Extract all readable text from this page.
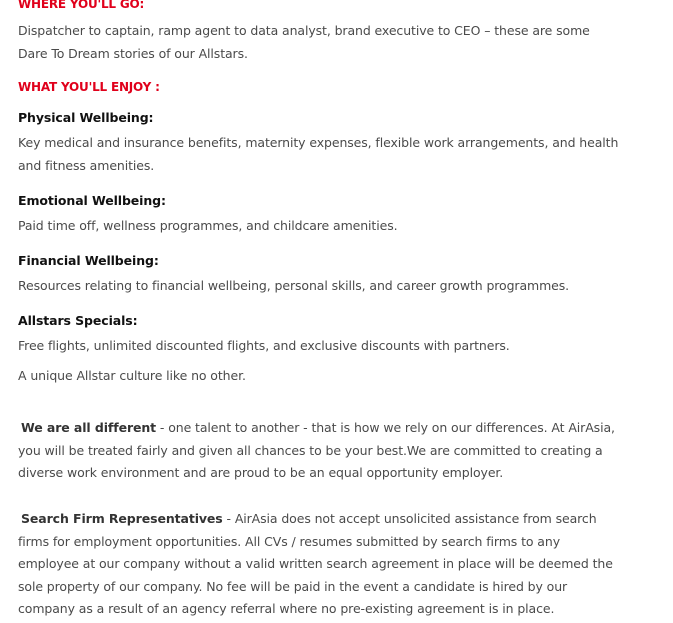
WHERE YOU'LL GO:
Dispatcher to captain, ramp agent to data analyst, brand executive to CEO – these are some Dare To Dream stories of our Allstars.
WHAT YOU'LL ENJOY :
Physical Wellbeing:
Key medical and insurance benefits, maternity expenses, flexible work arrangements, and health and fitness amenities.
Emotional Wellbeing:
Paid time off, wellness programmes, and childcare amenities.
Financial Wellbeing:
Resources relating to financial wellbeing, personal skills, and career growth programmes.
Allstars Specials:
Free flights, unlimited discounted flights, and exclusive discounts with partners.
A unique Allstar culture like no other.
We are all different - one talent to another - that is how we rely on our differences. At AirAsia, you will be treated fairly and given all chances to be your best.We are committed to creating a diverse work environment and are proud to be an equal opportunity employer.
Search Firm Representatives - AirAsia does not accept unsolicited assistance from search firms for employment opportunities. All CVs / resumes submitted by search firms to any employee at our company without a valid written search agreement in place will be deemed the sole property of our company. No fee will be paid in the event a candidate is hired by our company as a result of an agency referral where no pre-existing agreement is in place.
